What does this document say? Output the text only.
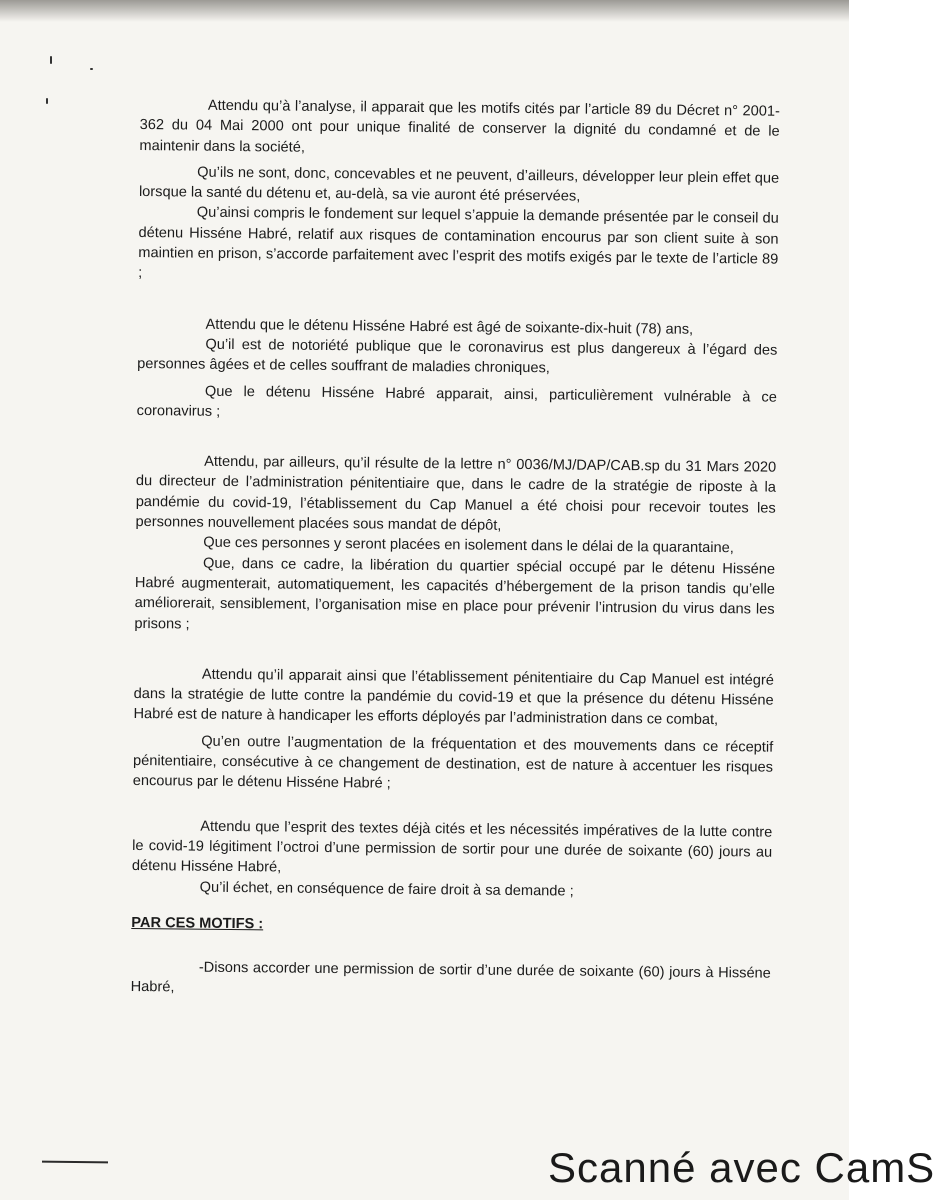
Attendu qu’à l’analyse, il apparait que les motifs cités par l’article 89 du Décret n° 2001-362 du 04 Mai 2000 ont pour unique finalité de conserver la dignité du condamné et de le maintenir dans la société,

Qu’ils ne sont, donc, concevables et ne peuvent, d’ailleurs, développer leur plein effet que lorsque la santé du détenu et, au-delà, sa vie auront été préservées,

Qu’ainsi compris le fondement sur lequel s’appuie la demande présentée par le conseil du détenu Hisséne Habré, relatif aux risques de contamination encourus par son client suite à son maintien en prison, s’accorde parfaitement avec l’esprit des motifs exigés par le texte de l’article 89 ;

Attendu que le détenu Hisséne Habré est âgé de soixante-dix-huit (78) ans,

Qu’il est de notoriété publique que le coronavirus est plus dangereux à l’égard des personnes âgées et de celles souffrant de maladies chroniques,

Que le détenu Hisséne Habré apparait, ainsi, particulièrement vulnérable à ce coronavirus ;

Attendu, par ailleurs, qu’il résulte de la lettre n° 0036/MJ/DAP/CAB.sp du 31 Mars 2020 du directeur de l’administration pénitentiaire que, dans le cadre de la stratégie de riposte à la pandémie du covid-19, l’établissement du Cap Manuel a été choisi pour recevoir toutes les personnes nouvellement placées sous mandat de dépôt,

Que ces personnes y seront placées en isolement dans le délai de la quarantaine,

Que, dans ce cadre, la libération du quartier spécial occupé par le détenu Hisséne Habré augmenterait, automatiquement, les capacités d’hébergement de la prison tandis qu’elle améliorerait, sensiblement, l’organisation mise en place pour prévenir l’intrusion du virus dans les prisons ;

Attendu qu’il apparait ainsi que l’établissement pénitentiaire du Cap Manuel est intégré dans la stratégie de lutte contre la pandémie du covid-19 et que la présence du détenu Hisséne Habré est de nature à handicaper les efforts déployés par l’administration dans ce combat,

Qu’en outre l’augmentation de la fréquentation et des mouvements dans ce réceptif pénitentiaire, consécutive à ce changement de destination, est de nature à accentuer les risques encourus par le détenu Hisséne Habré ;

Attendu que l’esprit des textes déjà cités et les nécessités impératives de la lutte contre le covid-19 légitiment l’octroi d’une permission de sortir pour une durée de soixante (60) jours au détenu Hisséne Habré,

Qu’il échet, en conséquence de faire droit à sa demande ;

PAR CES MOTIFS :

-Disons accorder une permission de sortir d’une durée de soixante (60) jours à Hisséne Habré,

Scanné avec CamS
